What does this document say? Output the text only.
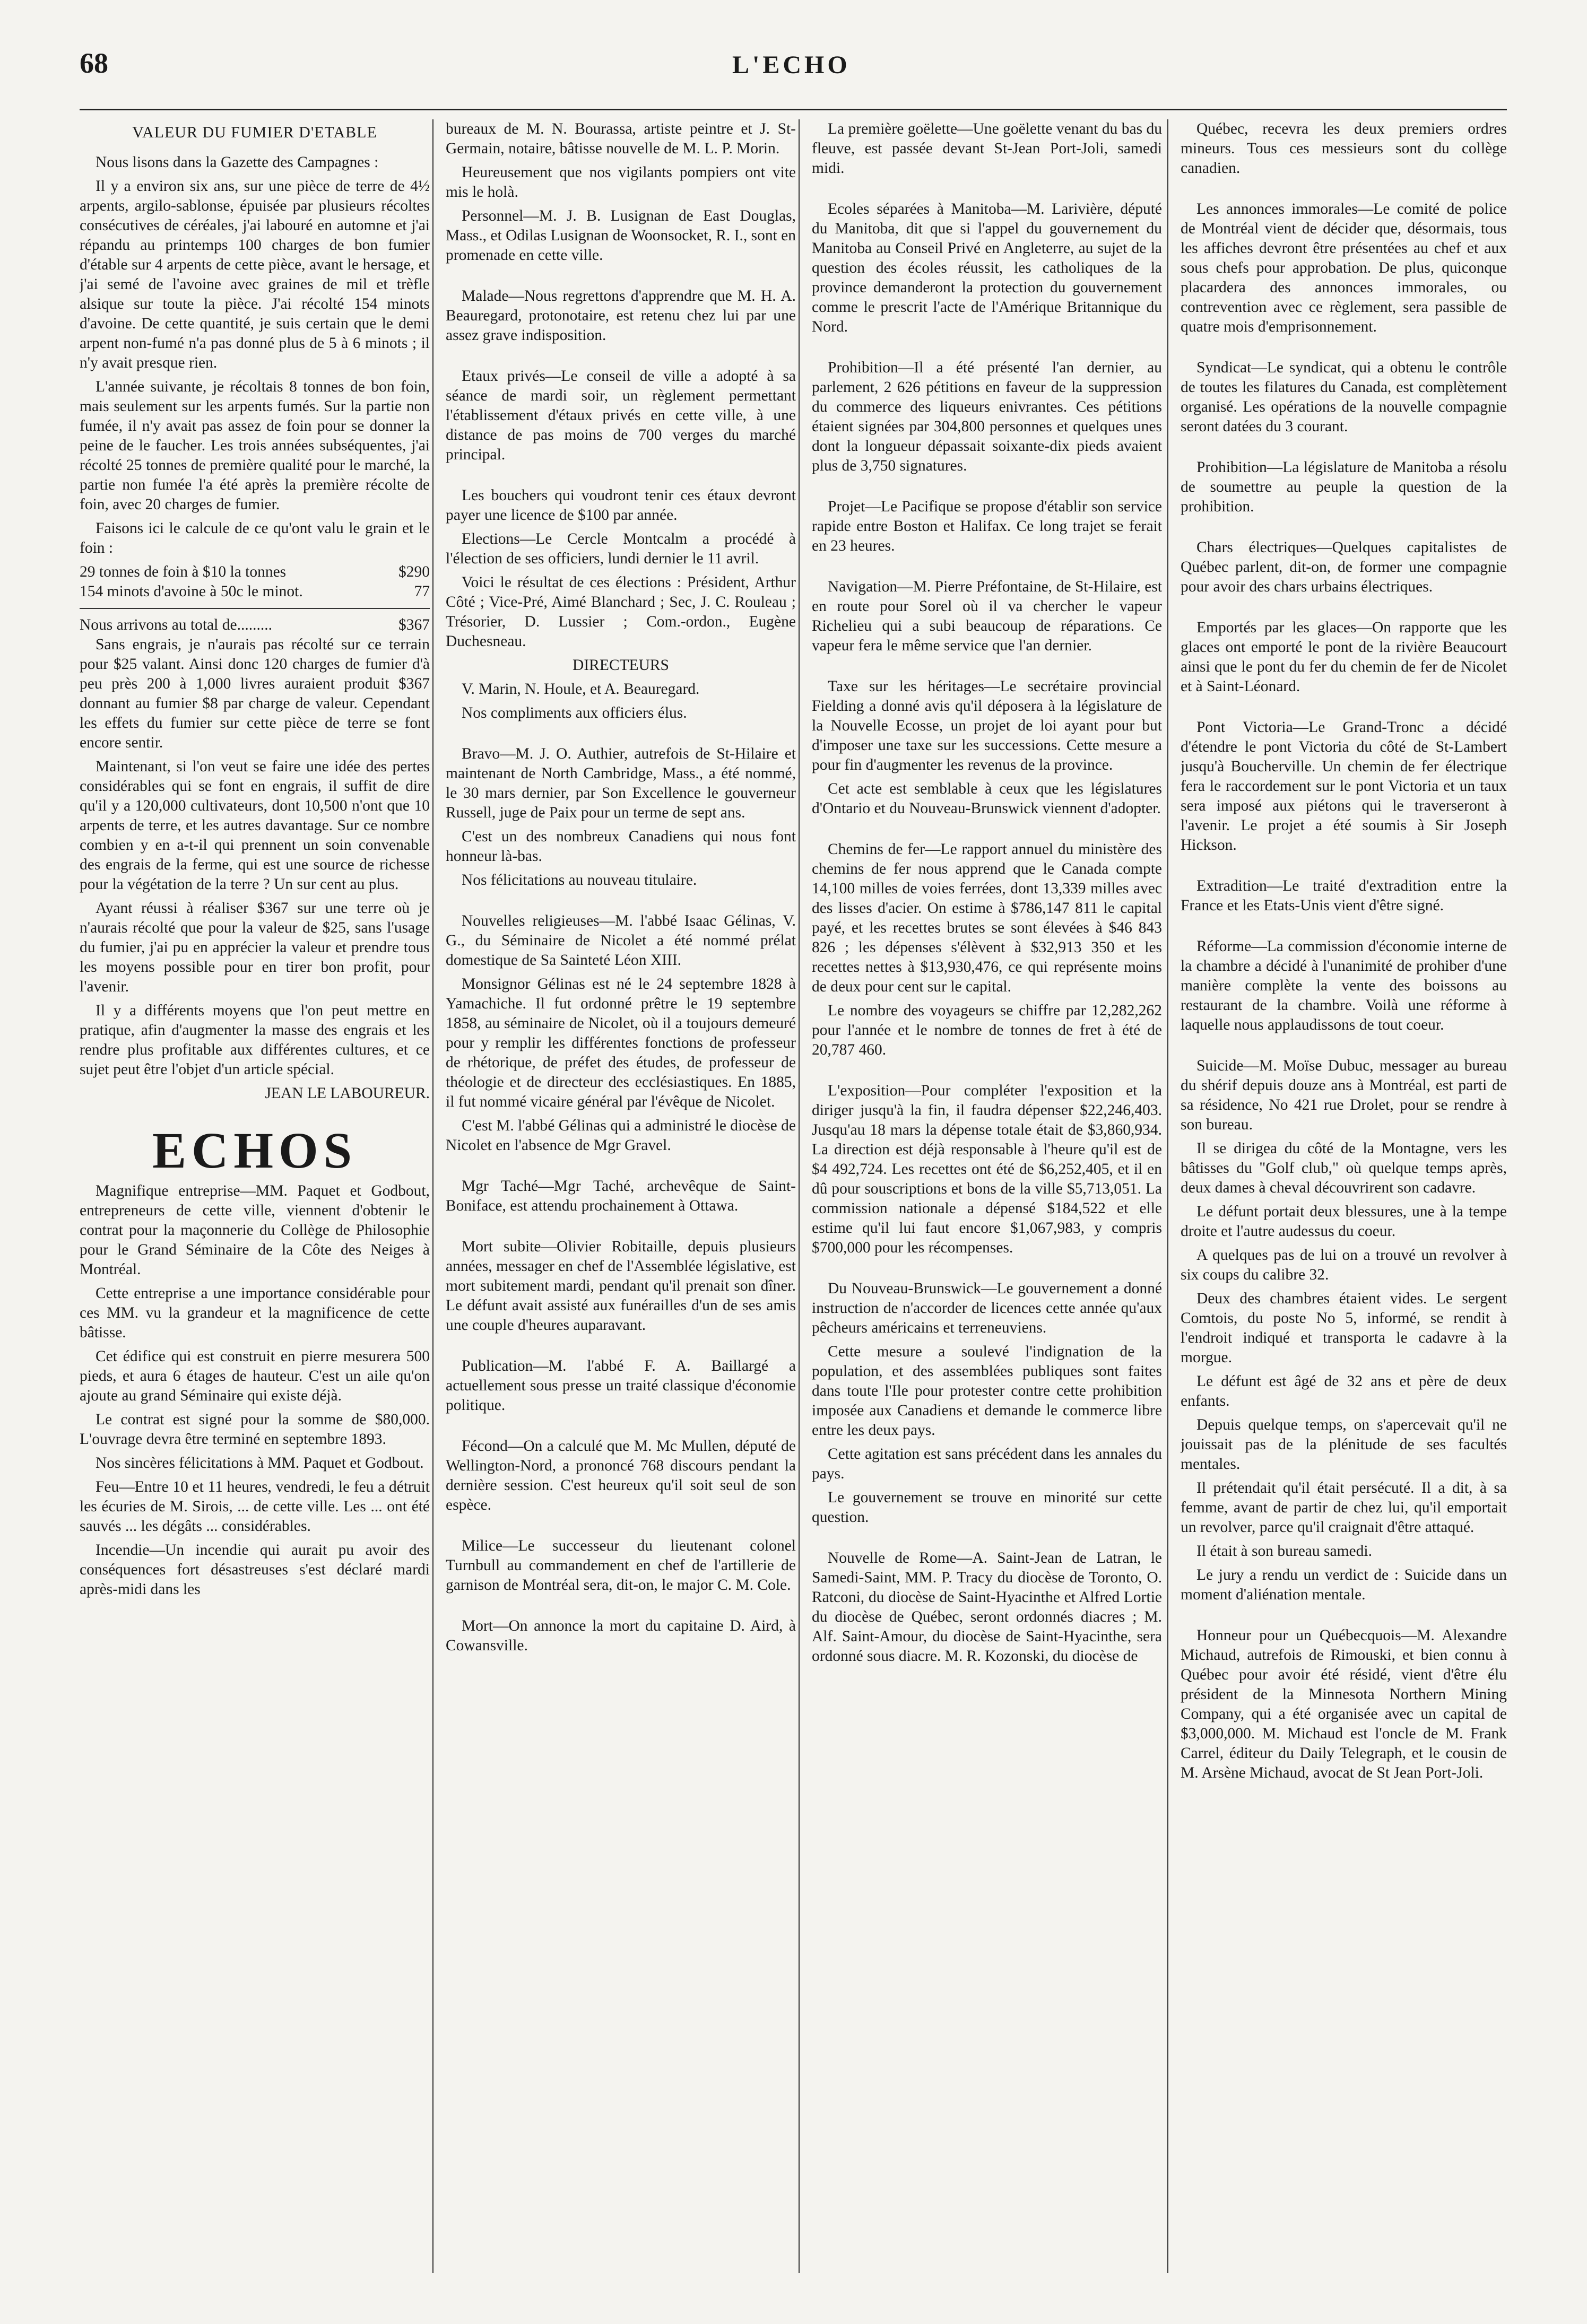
68	L'ECHO

VALEUR DU FUMIER D'ETABLE

Nous lisons dans la Gazette des Campagnes :

Il y a environ six ans, sur une pièce de terre de 4½ arpents, argilo-sablonse, épuisée par plusieurs récoltes consécutives de céréales, j'ai labouré en automne et j'ai répandu au printemps 100 charges de bon fumier d'étable sur 4 arpents de cette pièce, avant le hersage, et j'ai semé de l'avoine avec graines de mil et trèfle alsique sur toute la pièce. J'ai récolté 154 minots d'avoine. De cette quantité, je suis certain que le demi arpent non-fumé n'a pas donné plus de 5 à 6 minots ; il n'y avait presque rien.

L'année suivante, je récoltais 8 tonnes de bon foin, mais seulement sur les arpents fumés. Sur la partie non fumée, il n'y avait pas assez de foin pour se donner la peine de le faucher. Les trois années subséquentes, j'ai récolté 25 tonnes de première qualité pour le marché, la partie non fumée l'a été après la première récolte de foin, avec 20 charges de fumier.

Faisons ici le calcule de ce qu'ont valu le grain et le foin :

29 tonnes de foin à $10 la tonnes	$290
154 minots d'avoine à 50c le minot.	77
Nous arrivons au total de.........	$367

Sans engrais, je n'aurais pas récolté sur ce terrain pour $25 valant. Ainsi donc 120 charges de fumier d'à peu près 200 à 1,000 livres auraient produit $367 donnant au fumier $8 par charge de valeur. Cependant les effets du fumier sur cette pièce de terre se font encore sentir.

Maintenant, si l'on veut se faire une idée des pertes considérables qui se font en engrais, il suffit de dire qu'il y a 120,000 cultivateurs, dont 10,500 n'ont que 10 arpents de terre, et les autres davantage. Sur ce nombre combien y en a-t-il qui prennent un soin convenable des engrais de la ferme, qui est une source de richesse pour la végétation de la terre ? Un sur cent au plus.

Ayant réussi à réaliser $367 sur une terre où je n'aurais récolté que pour la valeur de $25, sans l'usage du fumier, j'ai pu en apprécier la valeur et prendre tous les moyens possible pour en tirer bon profit, pour l'avenir.

Il y a différents moyens que l'on peut mettre en pratique, afin d'augmenter la masse des engrais et les rendre plus profitable aux différentes cultures, et ce sujet peut être l'objet d'un article spécial.

JEAN LE LABOUREUR.

ECHOS

Magnifique entreprise—MM. Paquet et Godbout, entrepreneurs de cette ville, viennent d'obtenir le contrat pour la maçonnerie du Collège de Philosophie pour le Grand Séminaire de la Côte des Neiges à Montréal.

Cette entreprise a une importance considérable pour ces MM. vu la grandeur et la magnificence de cette bâtisse.

Cet édifice qui est construit en pierre mesurera 500 pieds, et aura 6 étages de hauteur. C'est un aile qu'on ajoute au grand Séminaire qui existe déjà.

Le contrat est signé pour la somme de $80,000. L'ouvrage devra être terminé en septembre 1893.

Nos sincères félicitations à MM. Paquet et Godbout.

Feu—Entre 10 et 11 heures, vendredi, le feu a détruit les écuries de M. Sirois, ... de cette ville. Les ... ont été sauvés ... les dégâts ... considérables.

Incendie—Un incendie qui aurait pu avoir des conséquences fort désastreuses s'est déclaré mardi après-midi dans les

bureaux de M. N. Bourassa, artiste peintre et J. St-Germain, notaire, bâtisse nouvelle de M. L. P. Morin.

Heureusement que nos vigilants pompiers ont vite mis le holà.

Personnel—M. J. B. Lusignan de East Douglas, Mass., et Odilas Lusignan de Woonsocket, R. I., sont en promenade en cette ville.

Malade—Nous regrettons d'apprendre que M. H. A. Beauregard, protonotaire, est retenu chez lui par une assez grave indisposition.

Etaux privés—Le conseil de ville a adopté à sa séance de mardi soir, un règlement permettant l'établissement d'étaux privés en cette ville, à une distance de pas moins de 700 verges du marché principal.

Les bouchers qui voudront tenir ces étaux devront payer une licence de $100 par année.

Elections—Le Cercle Montcalm a procédé à l'élection de ses officiers, lundi dernier le 11 avril.

Voici le résultat de ces élections : Président, Arthur Côté ; Vice-Pré, Aimé Blanchard ; Sec, J. C. Rouleau ; Trésorier, D. Lussier ; Com.-ordon., Eugène Duchesneau.

DIRECTEURS

V. Marin, N. Houle, et A. Beauregard.

Nos compliments aux officiers élus.

Bravo—M. J. O. Authier, autrefois de St-Hilaire et maintenant de North Cambridge, Mass., a été nommé, le 30 mars dernier, par Son Excellence le gouverneur Russell, juge de Paix pour un terme de sept ans.

C'est un des nombreux Canadiens qui nous font honneur là-bas.

Nos félicitations au nouveau titulaire.

Nouvelles religieuses—M. l'abbé Isaac Gélinas, V. G., du Séminaire de Nicolet a été nommé prélat domestique de Sa Sainteté Léon XIII.

Monsignor Gélinas est né le 24 septembre 1828 à Yamachiche. Il fut ordonné prêtre le 19 septembre 1858, au séminaire de Nicolet, où il a toujours demeuré pour y remplir les différentes fonctions de professeur de rhétorique, de préfet des études, de professeur de théologie et de directeur des ecclésiastiques. En 1885, il fut nommé vicaire général par l'évêque de Nicolet.

C'est M. l'abbé Gélinas qui a administré le diocèse de Nicolet en l'absence de Mgr Gravel.

Mgr Taché—Mgr Taché, archevêque de Saint-Boniface, est attendu prochainement à Ottawa.

Mort subite—Olivier Robitaille, depuis plusieurs années, messager en chef de l'Assemblée législative, est mort subitement mardi, pendant qu'il prenait son dîner. Le défunt avait assisté aux funérailles d'un de ses amis une couple d'heures auparavant.

Publication—M. l'abbé F. A. Baillargé a actuellement sous presse un traité classique d'économie politique.

Fécond—On a calculé que M. Mc Mullen, député de Wellington-Nord, a prononcé 768 discours pendant la dernière session. C'est heureux qu'il soit seul de son espèce.

Milice—Le successeur du lieutenant colonel Turnbull au commandement en chef de l'artillerie de garnison de Montréal sera, dit-on, le major C. M. Cole.

Mort—On annonce la mort du capitaine D. Aird, à Cowansville.

La première goëlette—Une goëlette venant du bas du fleuve, est passée devant St-Jean Port-Joli, samedi midi.

Ecoles séparées à Manitoba—M. Larivière, député du Manitoba, dit que si l'appel du gouvernement du Manitoba au Conseil Privé en Angleterre, au sujet de la question des écoles réussit, les catholiques de la province demanderont la protection du gouvernement comme le prescrit l'acte de l'Amérique Britannique du Nord.

Prohibition—Il a été présenté l'an dernier, au parlement, 2 626 pétitions en faveur de la suppression du commerce des liqueurs enivrantes. Ces pétitions étaient signées par 304,800 personnes et quelques unes dont la longueur dépassait soixante-dix pieds avaient plus de 3,750 signatures.

Projet—Le Pacifique se propose d'établir son service rapide entre Boston et Halifax. Ce long trajet se ferait en 23 heures.

Navigation—M. Pierre Préfontaine, de St-Hilaire, est en route pour Sorel où il va chercher le vapeur Richelieu qui a subi beaucoup de réparations. Ce vapeur fera le même service que l'an dernier.

Taxe sur les héritages—Le secrétaire provincial Fielding a donné avis qu'il déposera à la législature de la Nouvelle Ecosse, un projet de loi ayant pour but d'imposer une taxe sur les successions. Cette mesure a pour fin d'augmenter les revenus de la province.

Cet acte est semblable à ceux que les législatures d'Ontario et du Nouveau-Brunswick viennent d'adopter.

Chemins de fer—Le rapport annuel du ministère des chemins de fer nous apprend que le Canada compte 14,100 milles de voies ferrées, dont 13,339 milles avec des lisses d'acier. On estime à $786,147 811 le capital payé, et les recettes brutes se sont élevées à $46 843 826 ; les dépenses s'élèvent à $32,913 350 et les recettes nettes à $13,930,476, ce qui représente moins de deux pour cent sur le capital.

Le nombre des voyageurs se chiffre par 12,282,262 pour l'année et le nombre de tonnes de fret à été de 20,787 460.

L'exposition—Pour compléter l'exposition et la diriger jusqu'à la fin, il faudra dépenser $22,246,403. Jusqu'au 18 mars la dépense totale était de $3,860,934. La direction est déjà responsable à l'heure qu'il est de $4 492,724. Les recettes ont été de $6,252,405, et il en dû pour souscriptions et bons de la ville $5,713,051. La commission nationale a dépensé $184,522 et elle estime qu'il lui faut encore $1,067,983, y compris $700,000 pour les récompenses.

Du Nouveau-Brunswick—Le gouvernement a donné instruction de n'accorder de licences cette année qu'aux pêcheurs américains et terreneuviens.

Cette mesure a soulevé l'indignation de la population, et des assemblées publiques sont faites dans toute l'Ile pour protester contre cette prohibition imposée aux Canadiens et demande le commerce libre entre les deux pays.

Cette agitation est sans précédent dans les annales du pays.

Le gouvernement se trouve en minorité sur cette question.

Nouvelle de Rome—A. Saint-Jean de Latran, le Samedi-Saint, MM. P. Tracy du diocèse de Toronto, O. Ratconi, du diocèse de Saint-Hyacinthe et Alfred Lortie du diocèse de Québec, seront ordonnés diacres ; M. Alf. Saint-Amour, du diocèse de Saint-Hyacinthe, sera ordonné sous diacre. M. R. Kozonski, du diocèse de

Québec, recevra les deux premiers ordres mineurs. Tous ces messieurs sont du collège canadien.

Les annonces immorales—Le comité de police de Montréal vient de décider que, désormais, tous les affiches devront être présentées au chef et aux sous chefs pour approbation. De plus, quiconque placardera des annonces immorales, ou contrevention avec ce règlement, sera passible de quatre mois d'emprisonnement.

Syndicat—Le syndicat, qui a obtenu le contrôle de toutes les filatures du Canada, est complètement organisé. Les opérations de la nouvelle compagnie seront datées du 3 courant.

Prohibition—La législature de Manitoba a résolu de soumettre au peuple la question de la prohibition.

Chars électriques—Quelques capitalistes de Québec parlent, dit-on, de former une compagnie pour avoir des chars urbains électriques.

Emportés par les glaces—On rapporte que les glaces ont emporté le pont de la rivière Beaucourt ainsi que le pont du fer du chemin de fer de Nicolet et à Saint-Léonard.

Pont Victoria—Le Grand-Tronc a décidé d'étendre le pont Victoria du côté de St-Lambert jusqu'à Boucherville. Un chemin de fer électrique fera le raccordement sur le pont Victoria et un taux sera imposé aux piétons qui le traverseront à l'avenir. Le projet a été soumis à Sir Joseph Hickson.

Extradition—Le traité d'extradition entre la France et les Etats-Unis vient d'être signé.

Réforme—La commission d'économie interne de la chambre a décidé à l'unanimité de prohiber d'une manière complète la vente des boissons au restaurant de la chambre. Voilà une réforme à laquelle nous applaudissons de tout coeur.

Suicide—M. Moïse Dubuc, messager au bureau du shérif depuis douze ans à Montréal, est parti de sa résidence, No 421 rue Drolet, pour se rendre à son bureau.

Il se dirigea du côté de la Montagne, vers les bâtisses du "Golf club," où quelque temps après, deux dames à cheval découvrirent son cadavre.

Le défunt portait deux blessures, une à la tempe droite et l'autre audessus du coeur.

A quelques pas de lui on a trouvé un revolver à six coups du calibre 32.

Deux des chambres étaient vides. Le sergent Comtois, du poste No 5, informé, se rendit à l'endroit indiqué et transporta le cadavre à la morgue.

Le défunt est âgé de 32 ans et père de deux enfants.

Depuis quelque temps, on s'apercevait qu'il ne jouissait pas de la plénitude de ses facultés mentales.

Il prétendait qu'il était persécuté. Il a dit, à sa femme, avant de partir de chez lui, qu'il emportait un revolver, parce qu'il craignait d'être attaqué.

Il était à son bureau samedi.

Le jury a rendu un verdict de : Suicide dans un moment d'aliénation mentale.

Honneur pour un Québecquois—M. Alexandre Michaud, autrefois de Rimouski, et bien connu à Québec pour avoir été résidé, vient d'être élu président de la Minnesota Northern Mining Company, qui a été organisée avec un capital de $3,000,000. M. Michaud est l'oncle de M. Frank Carrel, éditeur du Daily Telegraph, et le cousin de M. Arsène Michaud, avocat de St Jean Port-Joli.
